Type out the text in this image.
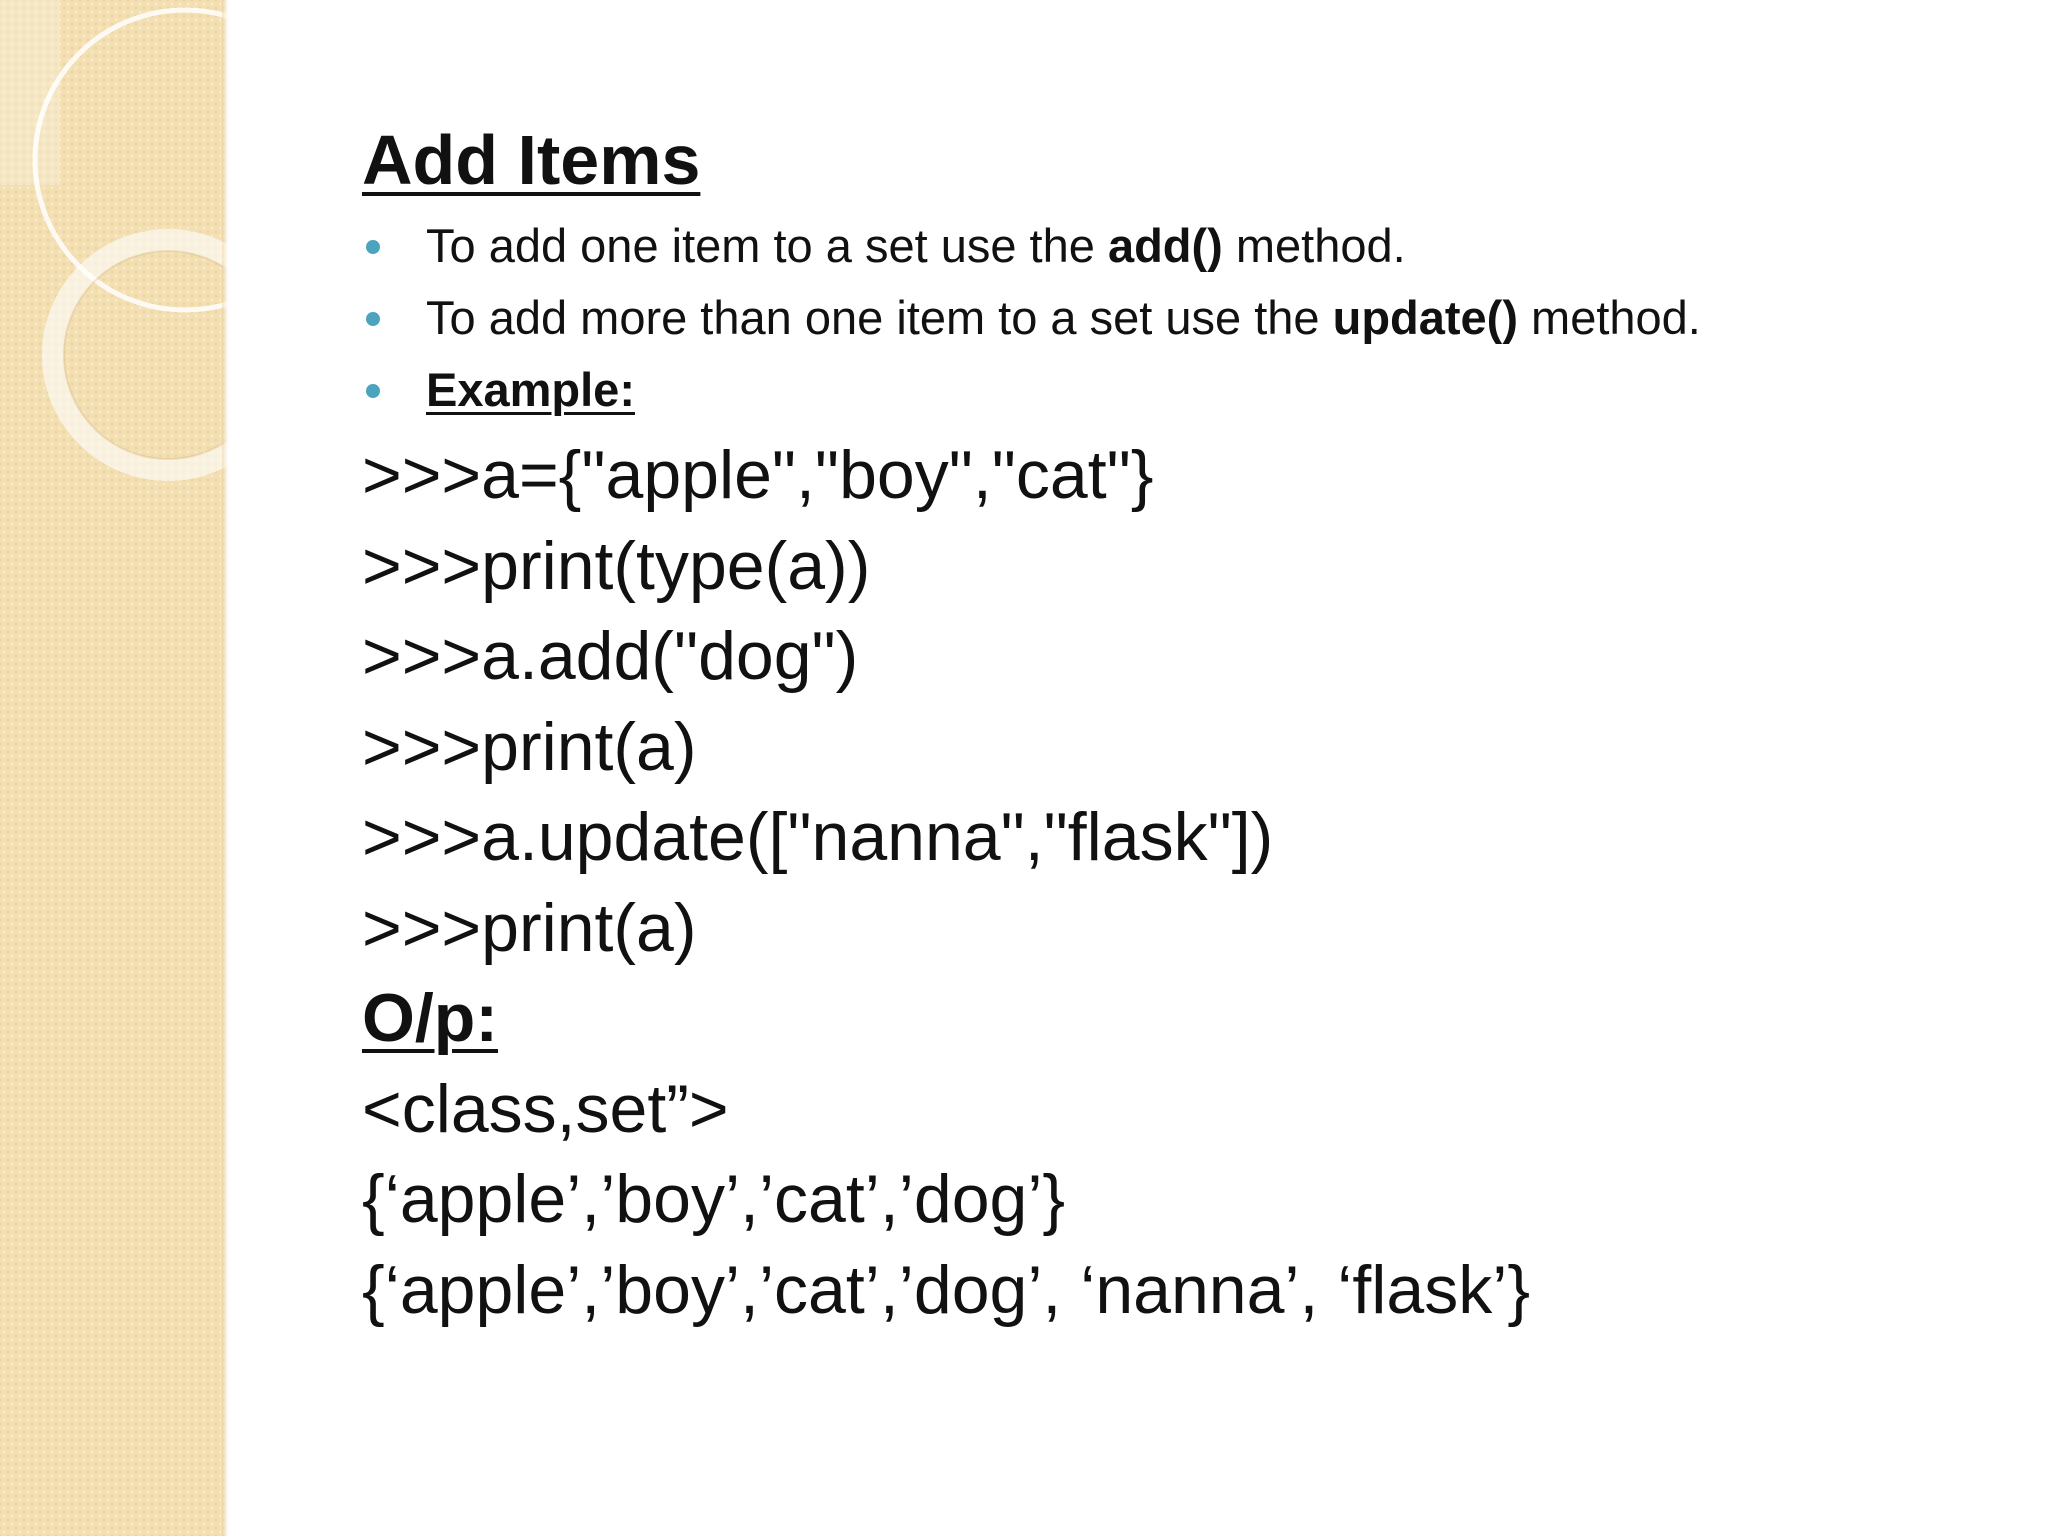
Add Items
To add one item to a set use the add() method.
To add more than one item to a set use the update() method.
Example:
>>>a={"apple","boy","cat"}
>>>print(type(a))
>>>a.add("dog")
>>>print(a)
>>>a.update(["nanna","flask"])
>>>print(a)
O/p:
<class,set”>
{‘apple’,’boy’,’cat’,’dog’}
{‘apple’,’boy’,’cat’,’dog’, ‘nanna’, ‘flask’}
